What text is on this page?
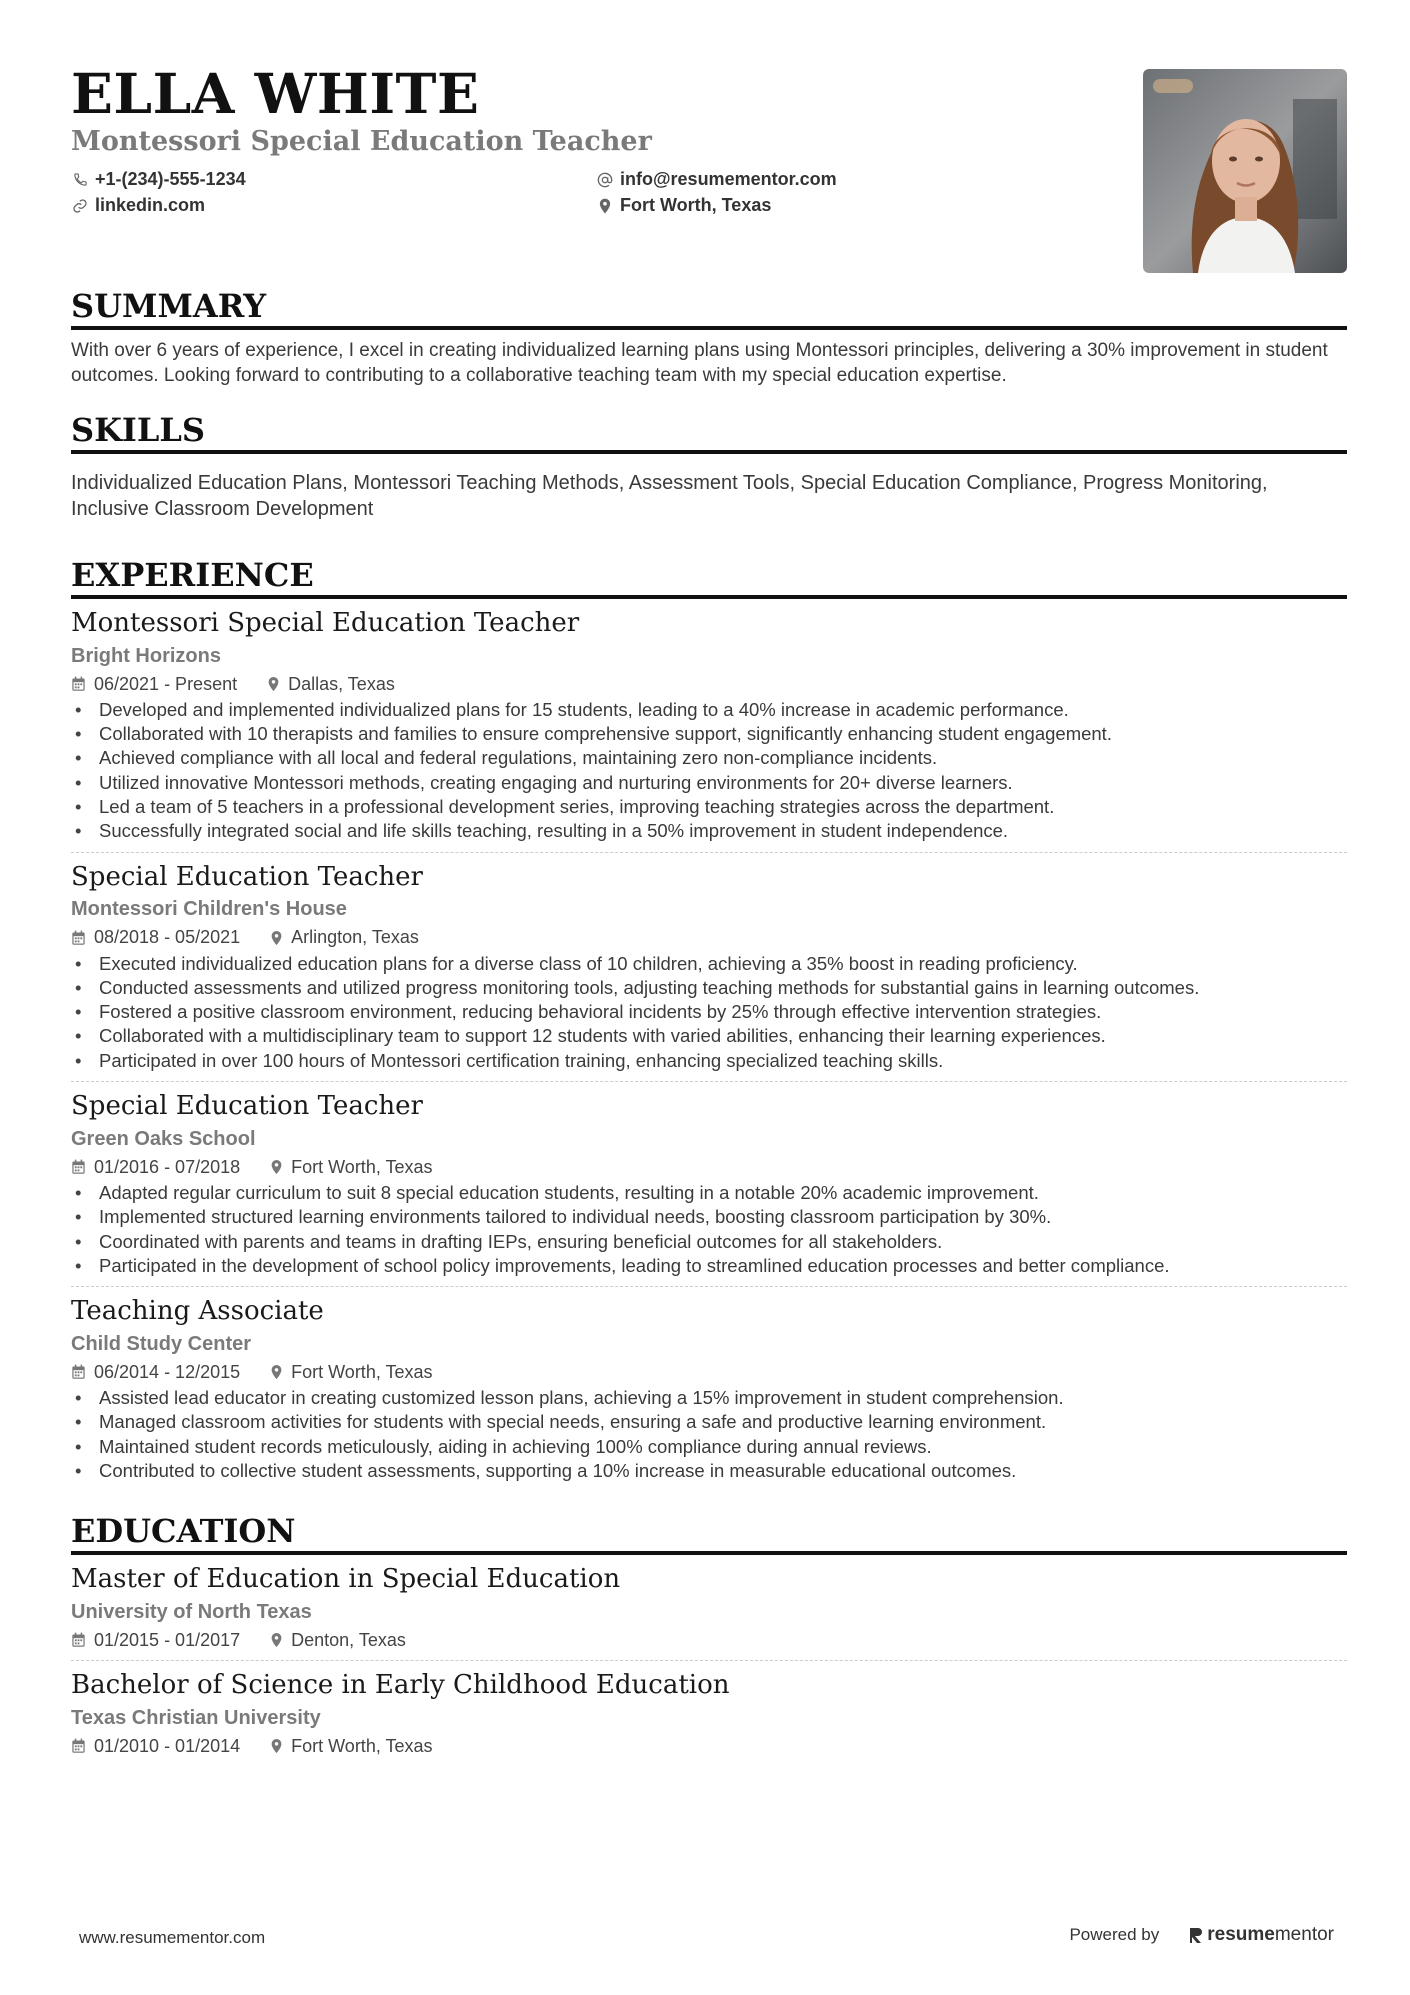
ELLA WHITE
Montessori Special Education Teacher
+1-(234)-555-1234	info@resumementor.com
linkedin.com	Fort Worth, Texas
SUMMARY
With over 6 years of experience, I excel in creating individualized learning plans using Montessori principles, delivering a 30% improvement in student outcomes. Looking forward to contributing to a collaborative teaching team with my special education expertise.
SKILLS
Individualized Education Plans, Montessori Teaching Methods, Assessment Tools, Special Education Compliance, Progress Monitoring, Inclusive Classroom Development
EXPERIENCE
Montessori Special Education Teacher
Bright Horizons
06/2021 - Present	Dallas, Texas
• Developed and implemented individualized plans for 15 students, leading to a 40% increase in academic performance.
• Collaborated with 10 therapists and families to ensure comprehensive support, significantly enhancing student engagement.
• Achieved compliance with all local and federal regulations, maintaining zero non-compliance incidents.
• Utilized innovative Montessori methods, creating engaging and nurturing environments for 20+ diverse learners.
• Led a team of 5 teachers in a professional development series, improving teaching strategies across the department.
• Successfully integrated social and life skills teaching, resulting in a 50% improvement in student independence.
Special Education Teacher
Montessori Children's House
08/2018 - 05/2021	Arlington, Texas
• Executed individualized education plans for a diverse class of 10 children, achieving a 35% boost in reading proficiency.
• Conducted assessments and utilized progress monitoring tools, adjusting teaching methods for substantial gains in learning outcomes.
• Fostered a positive classroom environment, reducing behavioral incidents by 25% through effective intervention strategies.
• Collaborated with a multidisciplinary team to support 12 students with varied abilities, enhancing their learning experiences.
• Participated in over 100 hours of Montessori certification training, enhancing specialized teaching skills.
Special Education Teacher
Green Oaks School
01/2016 - 07/2018	Fort Worth, Texas
• Adapted regular curriculum to suit 8 special education students, resulting in a notable 20% academic improvement.
• Implemented structured learning environments tailored to individual needs, boosting classroom participation by 30%.
• Coordinated with parents and teams in drafting IEPs, ensuring beneficial outcomes for all stakeholders.
• Participated in the development of school policy improvements, leading to streamlined education processes and better compliance.
Teaching Associate
Child Study Center
06/2014 - 12/2015	Fort Worth, Texas
• Assisted lead educator in creating customized lesson plans, achieving a 15% improvement in student comprehension.
• Managed classroom activities for students with special needs, ensuring a safe and productive learning environment.
• Maintained student records meticulously, aiding in achieving 100% compliance during annual reviews.
• Contributed to collective student assessments, supporting a 10% increase in measurable educational outcomes.
EDUCATION
Master of Education in Special Education
University of North Texas
01/2015 - 01/2017	Denton, Texas
Bachelor of Science in Early Childhood Education
Texas Christian University
01/2010 - 01/2014	Fort Worth, Texas
www.resumementor.com	Powered by	resume mentor
